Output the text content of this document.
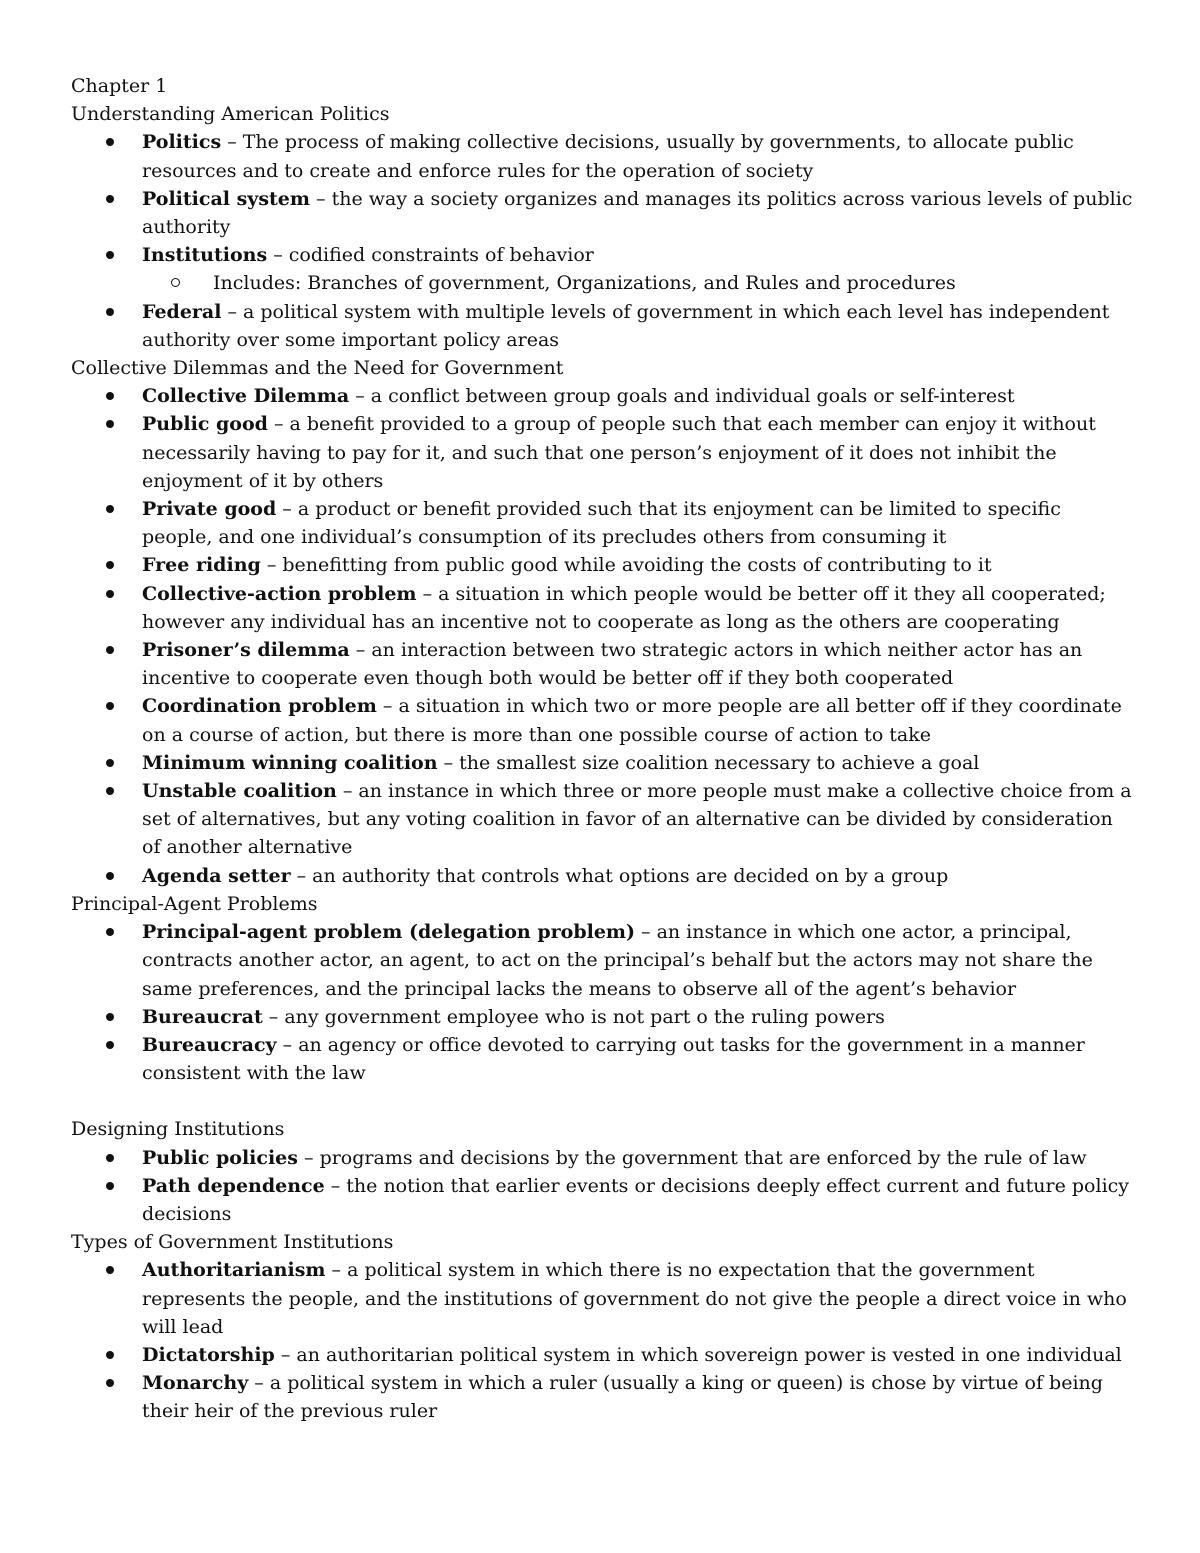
Chapter 1
Understanding American Politics
Politics – The process of making collective decisions, usually by governments, to allocate public resources and to create and enforce rules for the operation of society
Political system – the way a society organizes and manages its politics across various levels of public authority
Institutions – codified constraints of behavior
Includes: Branches of government, Organizations, and Rules and procedures
Federal – a political system with multiple levels of government in which each level has independent authority over some important policy areas
Collective Dilemmas and the Need for Government
Collective Dilemma – a conflict between group goals and individual goals or self-interest
Public good – a benefit provided to a group of people such that each member can enjoy it without necessarily having to pay for it, and such that one person’s enjoyment of it does not inhibit the enjoyment of it by others
Private good – a product or benefit provided such that its enjoyment can be limited to specific people, and one individual’s consumption of its precludes others from consuming it
Free riding – benefitting from public good while avoiding the costs of contributing to it
Collective-action problem – a situation in which people would be better off it they all cooperated; however any individual has an incentive not to cooperate as long as the others are cooperating
Prisoner’s dilemma – an interaction between two strategic actors in which neither actor has an incentive to cooperate even though both would be better off if they both cooperated
Coordination problem – a situation in which two or more people are all better off if they coordinate on a course of action, but there is more than one possible course of action to take
Minimum winning coalition – the smallest size coalition necessary to achieve a goal
Unstable coalition – an instance in which three or more people must make a collective choice from a set of alternatives, but any voting coalition in favor of an alternative can be divided by consideration of another alternative
Agenda setter – an authority that controls what options are decided on by a group
Principal-Agent Problems
Principal-agent problem (delegation problem) – an instance in which one actor, a principal, contracts another actor, an agent, to act on the principal’s behalf but the actors may not share the same preferences, and the principal lacks the means to observe all of the agent’s behavior
Bureaucrat – any government employee who is not part o the ruling powers
Bureaucracy – an agency or office devoted to carrying out tasks for the government in a manner consistent with the law
Designing Institutions
Public policies – programs and decisions by the government that are enforced by the rule of law
Path dependence – the notion that earlier events or decisions deeply effect current and future policy decisions
Types of Government Institutions
Authoritarianism – a political system in which there is no expectation that the government represents the people, and the institutions of government do not give the people a direct voice in who will lead
Dictatorship – an authoritarian political system in which sovereign power is vested in one individual
Monarchy – a political system in which a ruler (usually a king or queen) is chose by virtue of being their heir of the previous ruler
